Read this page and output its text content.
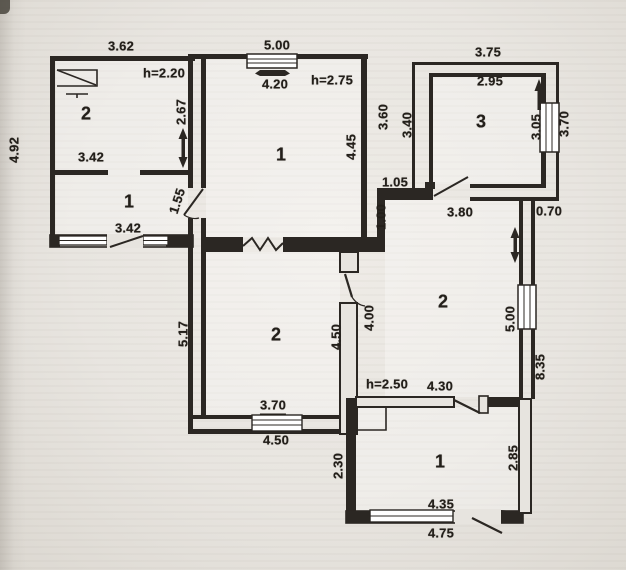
2
1
1
3
2
2
1
3.62
4.92
h=2.20
2.67
3.42
3.42
1.55
5.00
4.20 h=2.75
4.45
3.60 3.40
3.75
2.95
3.05 3.70
1.05
1.00	3.80	0.70
5.00
8.35
5.17	4.50
4.00
3.70
4.50
h=2.50 4.30
2.30	2.85
4.35
4.75
